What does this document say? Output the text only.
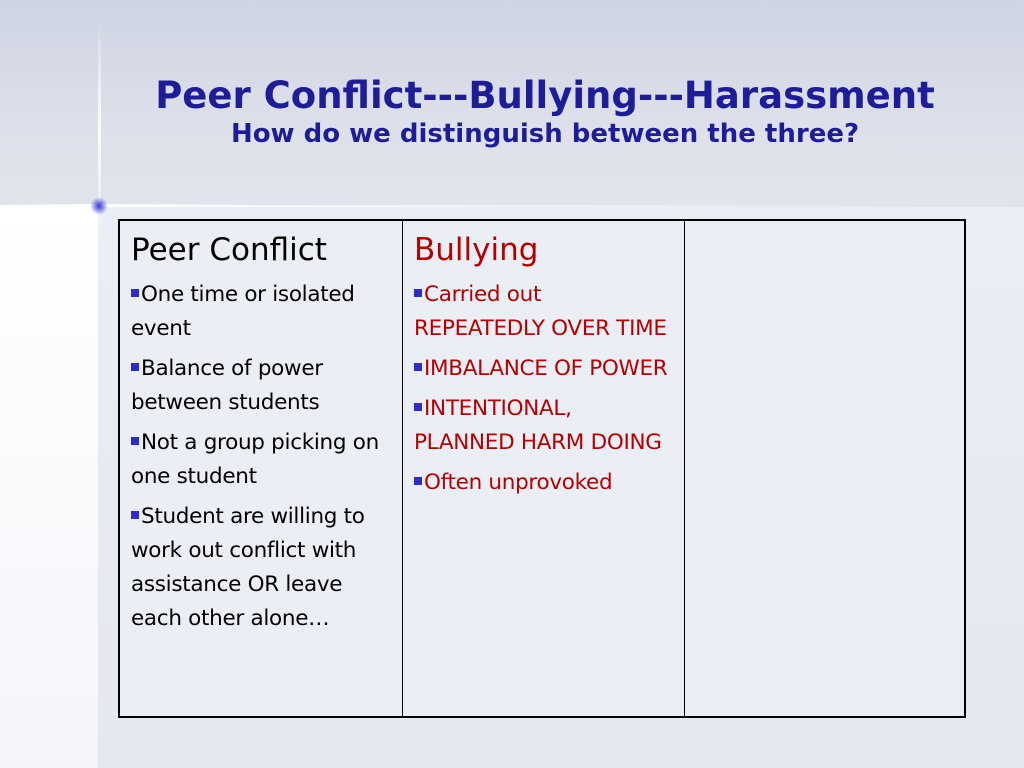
Peer Conflict---Bullying---Harassment
How do we distinguish between the three?
Peer Conflict
One time or isolated event
Balance of power between students
Not a group picking on one student
Student are willing to work out conflict with assistance OR leave each other alone…
Bullying
Carried out REPEATEDLY OVER TIME
IMBALANCE OF POWER
INTENTIONAL, PLANNED HARM DOING
Often unprovoked
